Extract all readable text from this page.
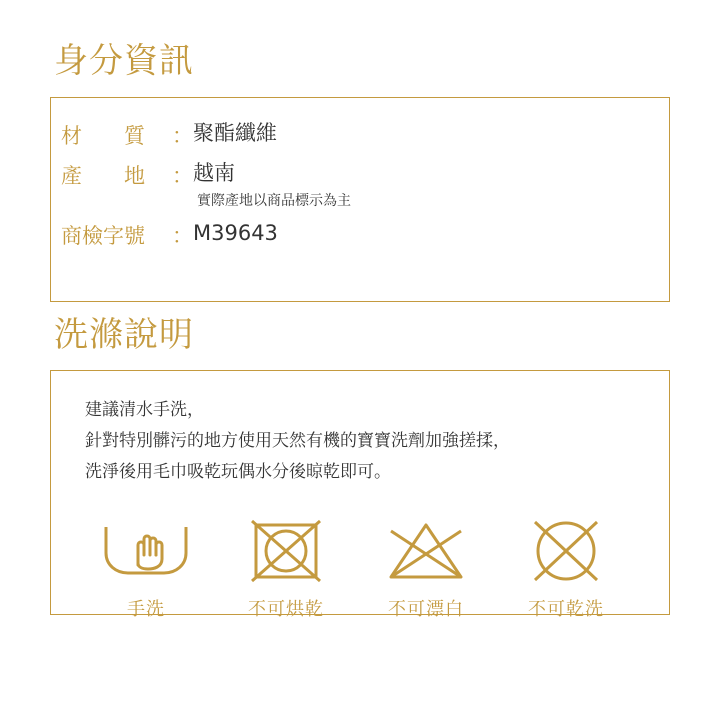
身分資訊
材　　質 ： 聚酯纖維
產　　地 ： 越南
實際產地以商品標示為主
商檢字號 ： M39643
洗滌說明

建議清水手洗，

針對特別髒污的地方使用天然有機的寶寶洗劑加強搓揉，

洗淨後用毛巾吸乾玩偶水分後晾乾即可。

手洗	不可烘乾	不可漂白	不可乾洗
